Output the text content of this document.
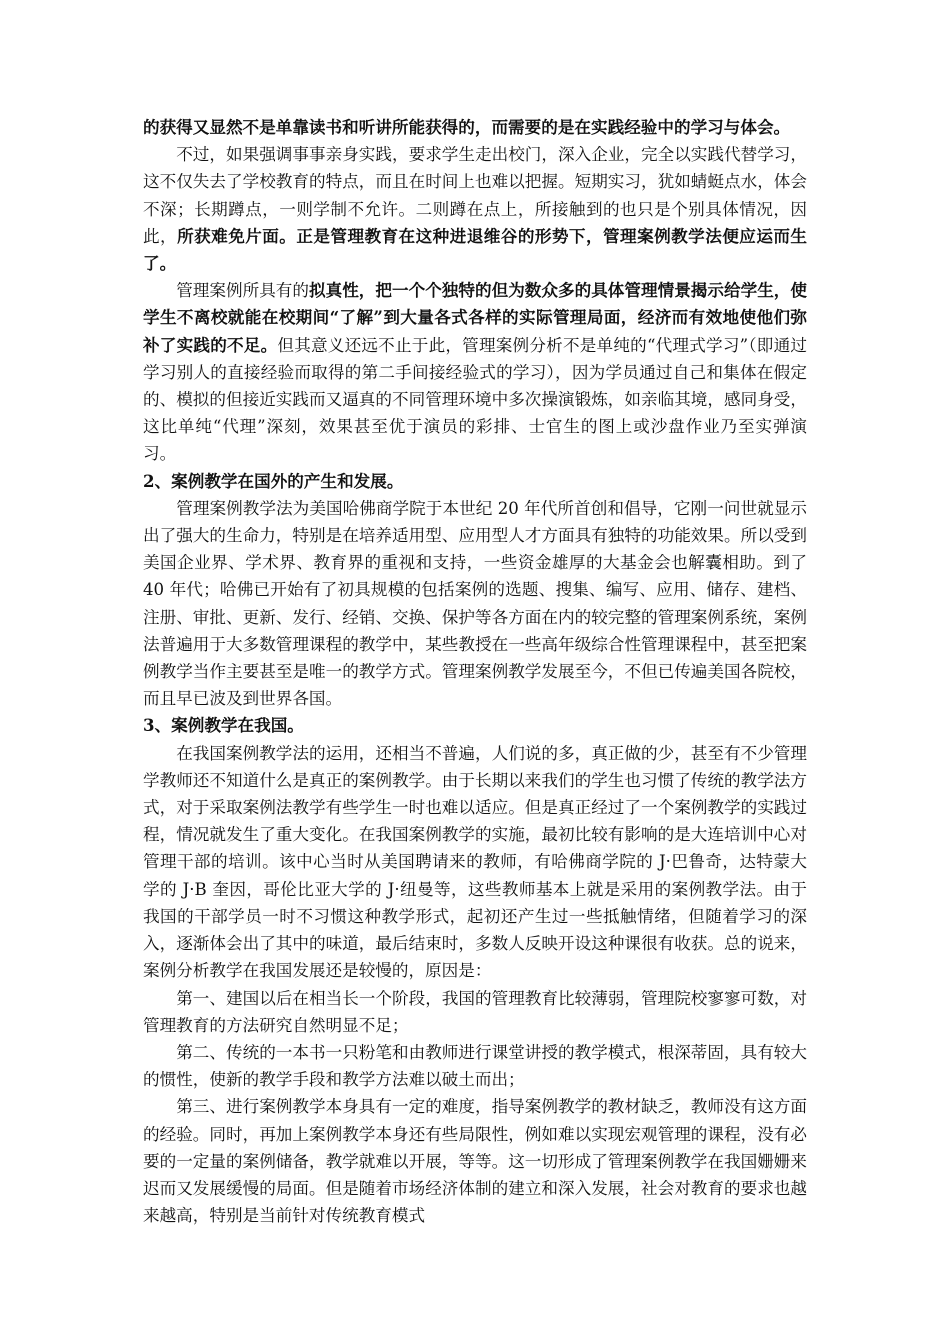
的获得又显然不是单靠读书和听讲所能获得的，而需要的是在实践经验中的学习与体会。

不过，如果强调事事亲身实践，要求学生走出校门，深入企业，完全以实践代替学习，这不仅失去了学校教育的特点，而且在时间上也难以把握。短期实习，犹如蜻蜓点水，体会不深；长期蹲点，一则学制不允许。二则蹲在点上，所接触到的也只是个别具体情况，因此，所获难免片面。正是管理教育在这种进退维谷的形势下，管理案例教学法便应运而生了。

管理案例所具有的拟真性，把一个个独特的但为数众多的具体管理情景揭示给学生，使学生不离校就能在校期间“了解”到大量各式各样的实际管理局面，经济而有效地使他们弥补了实践的不足。但其意义还远不止于此，管理案例分析不是单纯的“代理式学习”（即通过学习别人的直接经验而取得的第二手间接经验式的学习），因为学员通过自己和集体在假定的、模拟的但接近实践而又逼真的不同管理环境中多次操演锻炼，如亲临其境，感同身受，这比单纯“代理”深刻，效果甚至优于演员的彩排、士官生的图上或沙盘作业乃至实弹演习。

2、案例教学在国外的产生和发展。

管理案例教学法为美国哈佛商学院于本世纪 20 年代所首创和倡导，它刚一问世就显示出了强大的生命力，特别是在培养适用型、应用型人才方面具有独特的功能效果。所以受到美国企业界、学术界、教育界的重视和支持，一些资金雄厚的大基金会也解囊相助。到了 40 年代；哈佛已开始有了初具规模的包括案例的选题、搜集、编写、应用、储存、建档、注册、审批、更新、发行、经销、交换、保护等各方面在内的较完整的管理案例系统，案例法普遍用于大多数管理课程的教学中，某些教授在一些高年级综合性管理课程中，甚至把案例教学当作主要甚至是唯一的教学方式。管理案例教学发展至今，不但已传遍美国各院校，而且早已波及到世界各国。

3、案例教学在我国。

在我国案例教学法的运用，还相当不普遍，人们说的多，真正做的少，甚至有不少管理学教师还不知道什么是真正的案例教学。由于长期以来我们的学生也习惯了传统的教学法方式，对于采取案例法教学有些学生一时也难以适应。但是真正经过了一个案例教学的实践过程，情况就发生了重大变化。在我国案例教学的实施，最初比较有影响的是大连培训中心对管理干部的培训。该中心当时从美国聘请来的教师，有哈佛商学院的 J·巴鲁奇，达特蒙大学的 J·B 奎因，哥伦比亚大学的 J·纽曼等，这些教师基本上就是采用的案例教学法。由于我国的干部学员一时不习惯这种教学形式，起初还产生过一些抵触情绪，但随着学习的深入，逐渐体会出了其中的味道，最后结束时，多数人反映开设这种课很有收获。总的说来，案例分析教学在我国发展还是较慢的，原因是：

第一、建国以后在相当长一个阶段，我国的管理教育比较薄弱，管理院校寥寥可数，对管理教育的方法研究自然明显不足；

第二、传统的一本书一只粉笔和由教师进行课堂讲授的教学模式，根深蒂固，具有较大的惯性，使新的教学手段和教学方法难以破土而出；

第三、进行案例教学本身具有一定的难度，指导案例教学的教材缺乏，教师没有这方面的经验。同时，再加上案例教学本身还有些局限性，例如难以实现宏观管理的课程，没有必要的一定量的案例储备，教学就难以开展，等等。这一切形成了管理案例教学在我国姗姗来迟而又发展缓慢的局面。但是随着市场经济体制的建立和深入发展，社会对教育的要求也越来越高，特别是当前针对传统教育模式
